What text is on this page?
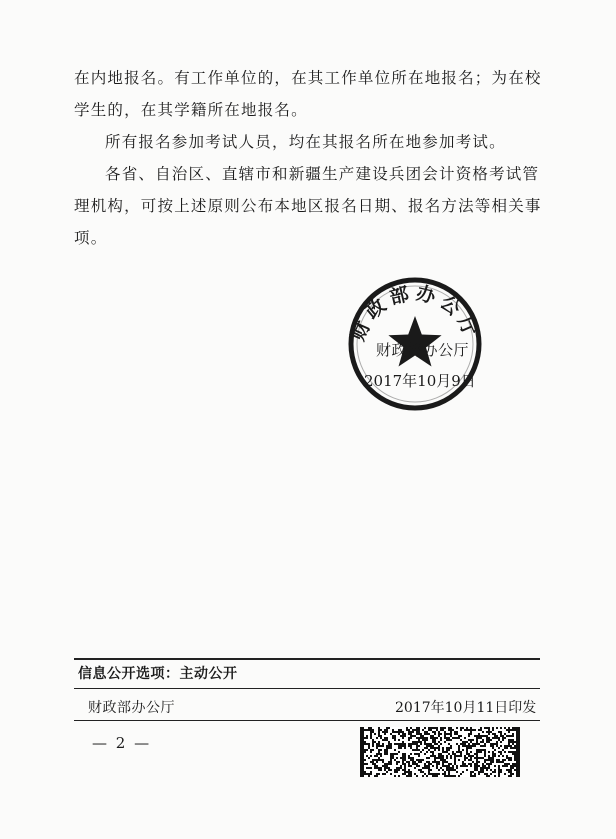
在内地报名。有工作单位的，在其工作单位所在地报名；为在校

学生的，在其学籍所在地报名。

所有报名参加考试人员，均在其报名所在地参加考试。

各省、自治区、直辖市和新疆生产建设兵团会计资格考试管

理机构，可按上述原则公布本地区报名日期、报名方法等相关事

项。

财政部办公厅
财政部办公厅
2017年10月9日
信息公开选项：主动公开
财政部办公厅	2017年10月11日印发
— 2 —
